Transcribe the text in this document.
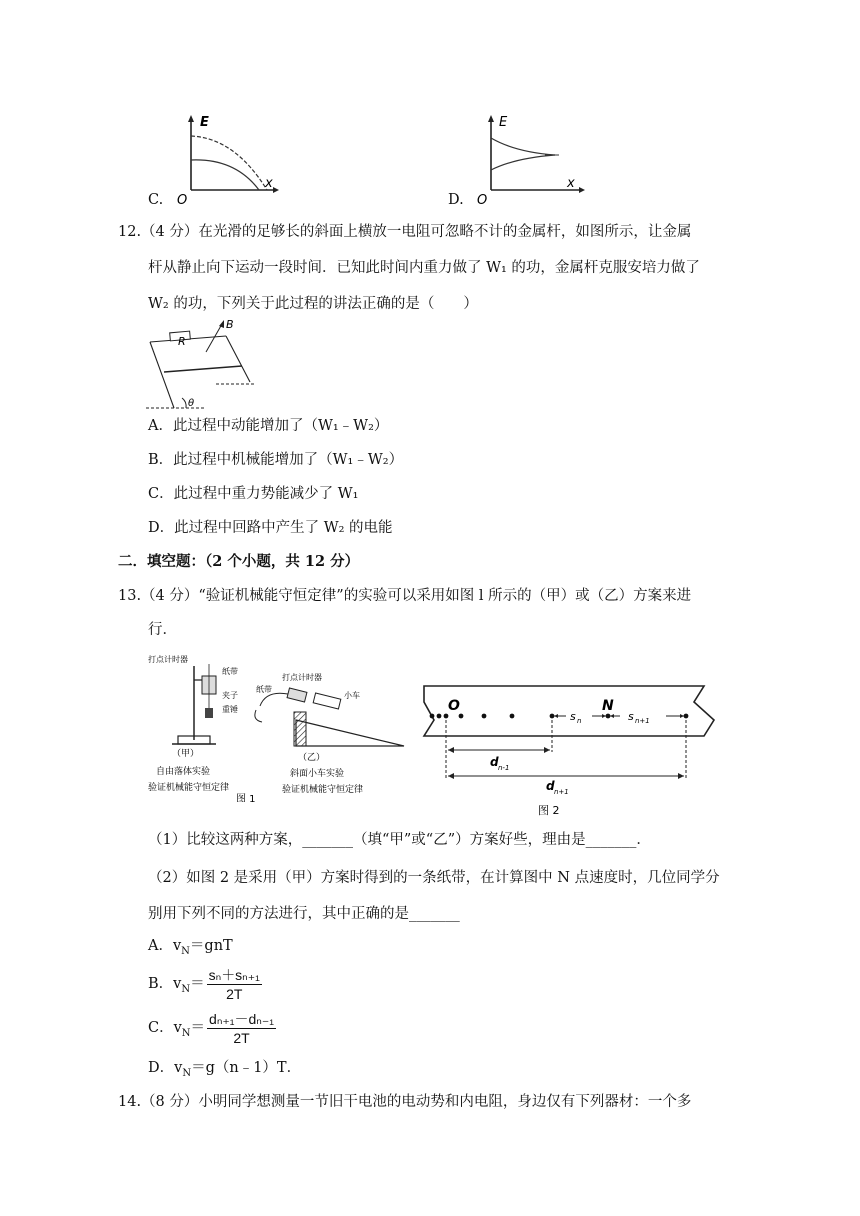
E
x
O
C.
E
x
O
D.
12.（4 分）在光滑的足够长的斜面上横放一电阻可忽略不计的金属杆，如图所示，让金属
杆从静止向下运动一段时间．已知此时间内重力做了 W₁ 的功，金属杆克服安培力做了
W₂ 的功，下列关于此过程的讲法正确的是（　　）
R
B
θ
A．此过程中动能增加了（W₁﹣W₂）
B．此过程中机械能增加了（W₁﹣W₂）
C．此过程中重力势能减少了 W₁
D．此过程中回路中产生了 W₂ 的电能
二．填空题：（2 个小题，共 12 分）
13.（4 分）“验证机械能守恒定律”的实验可以采用如图 l 所示的（甲）或（乙）方案来进
行．
打点计时器
纸带
夹子
重锤
（甲）
自由落体实验
验证机械能守恒定律
打点计时器
纸带
小车
（乙）
斜面小车实验
验证机械能守恒定律
图 1
O	N
s n	s n+1
d n-1
d n+1
图 2
（1）比较这两种方案，_______（填“甲”或“乙”）方案好些，理由是_______．
（2）如图 2 是采用（甲）方案时得到的一条纸带，在计算图中 N 点速度时，几位同学分
别用下列不同的方法进行，其中正确的是_______
A．$v_N=gnT$
B．$v_N= \frac{\text{sₙ＋sₙ₊₁}}{2T}$
C．$v_N= \frac{\text{dₙ₊₁－dₙ₋₁}}{2T}$
D．$v_N=g(n﹣1)T$．
14.（8 分）小明同学想测量一节旧干电池的电动势和内电阻，身边仅有下列器材：一个多
